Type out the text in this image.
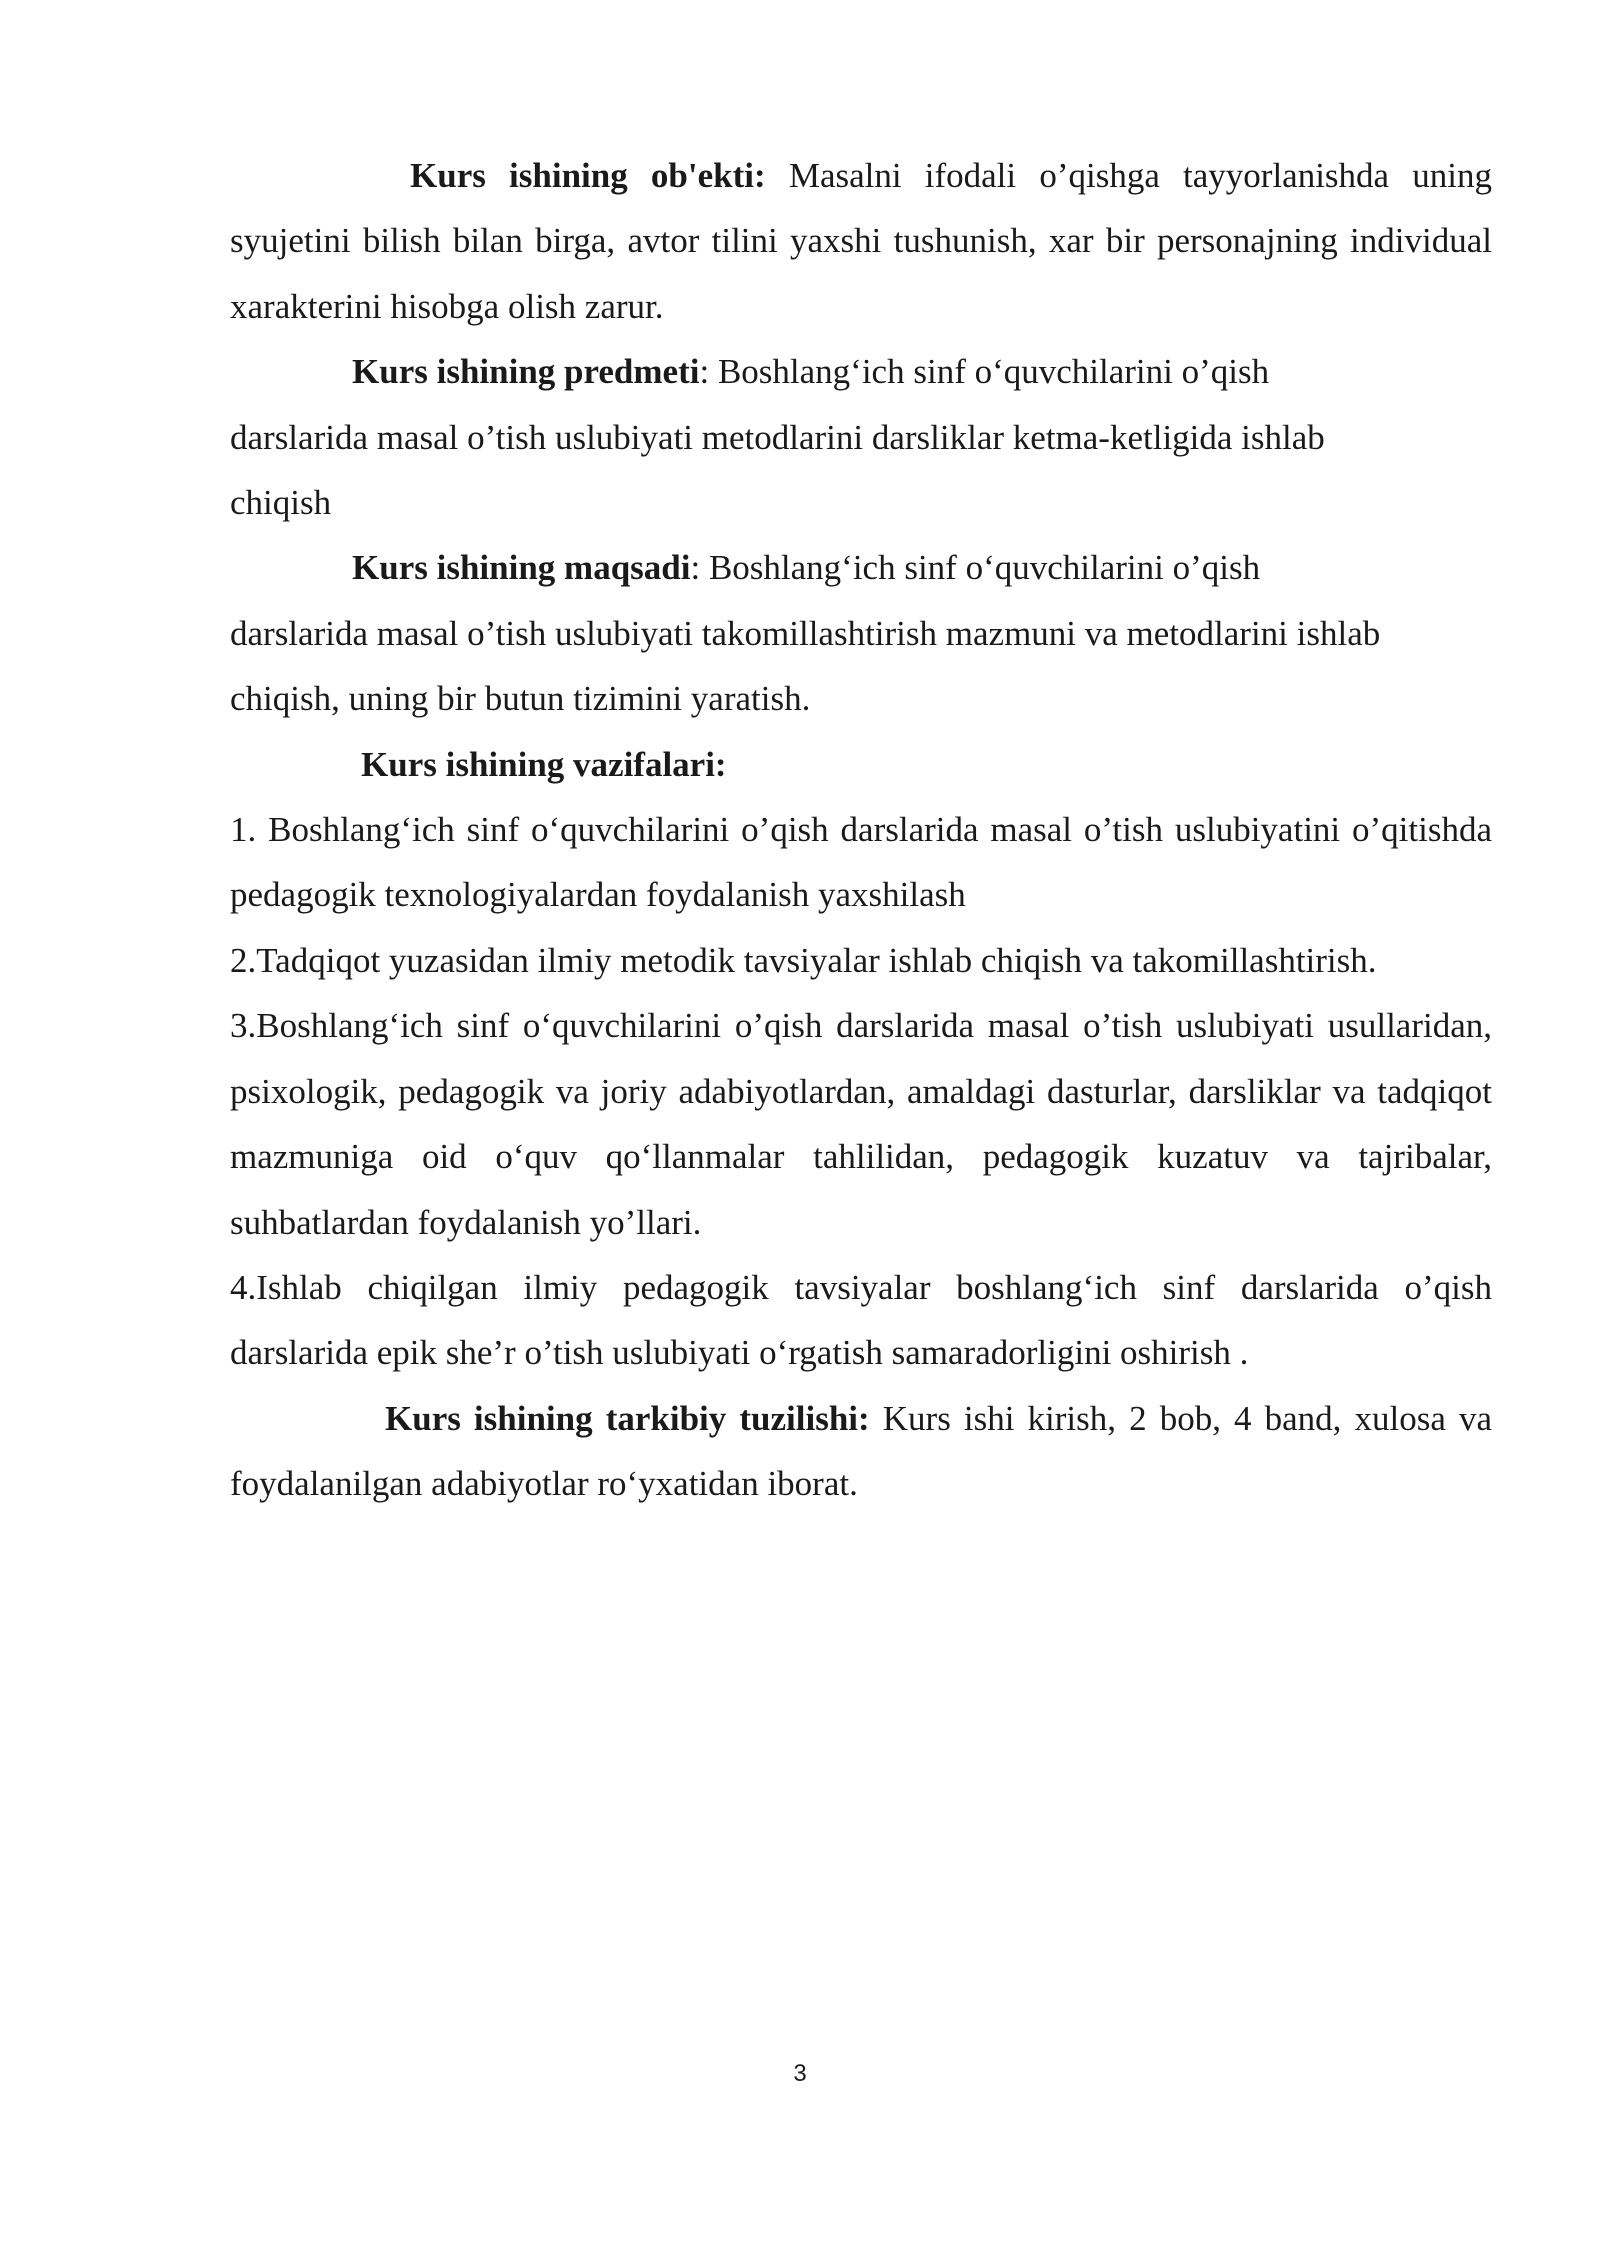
Kurs ishining ob'ekti: Masalni ifodali o’qishga tayyorlanishda uning syujetini bilish bilan birga, avtor tilini yaxshi tushunish, xar bir personajning individual xarakterini hisobga olish zarur.

Kurs ishining predmeti: Boshlang‘ich sinf o‘quvchilarini o’qish

darslarida masal o’tish uslubiyati metodlarini darsliklar ketma-ketligida ishlab

chiqish

Kurs ishining maqsadi: Boshlang‘ich sinf o‘quvchilarini o’qish

darslarida masal o’tish uslubiyati takomillashtirish mazmuni va metodlarini ishlab

chiqish, uning bir butun tizimini yaratish.

Kurs ishining vazifalari:

1. Boshlang‘ich sinf o‘quvchilarini o’qish darslarida masal o’tish uslubiyatini o’qitishda pedagogik texnologiyalardan foydalanish yaxshilash

2.Tadqiqot yuzasidan ilmiy metodik tavsiyalar ishlab chiqish va takomillashtirish.

3.Boshlang‘ich sinf o‘quvchilarini o’qish darslarida masal o’tish uslubiyati usullaridan, psixologik, pedagogik va joriy adabiyotlardan, amaldagi dasturlar, darsliklar va tadqiqot mazmuniga oid o‘quv qo‘llanmalar tahlilidan, pedagogik kuzatuv va tajribalar, suhbatlardan foydalanish yo’llari.

4.Ishlab chiqilgan ilmiy pedagogik tavsiyalar boshlang‘ich sinf darslarida o’qish darslarida epik she’r o’tish uslubiyati o‘rgatish samaradorligini oshirish .

Kurs ishining tarkibiy tuzilishi: Kurs ishi kirish, 2 bob, 4 band, xulosa va foydalanilgan adabiyotlar ro‘yxatidan iborat.

3
